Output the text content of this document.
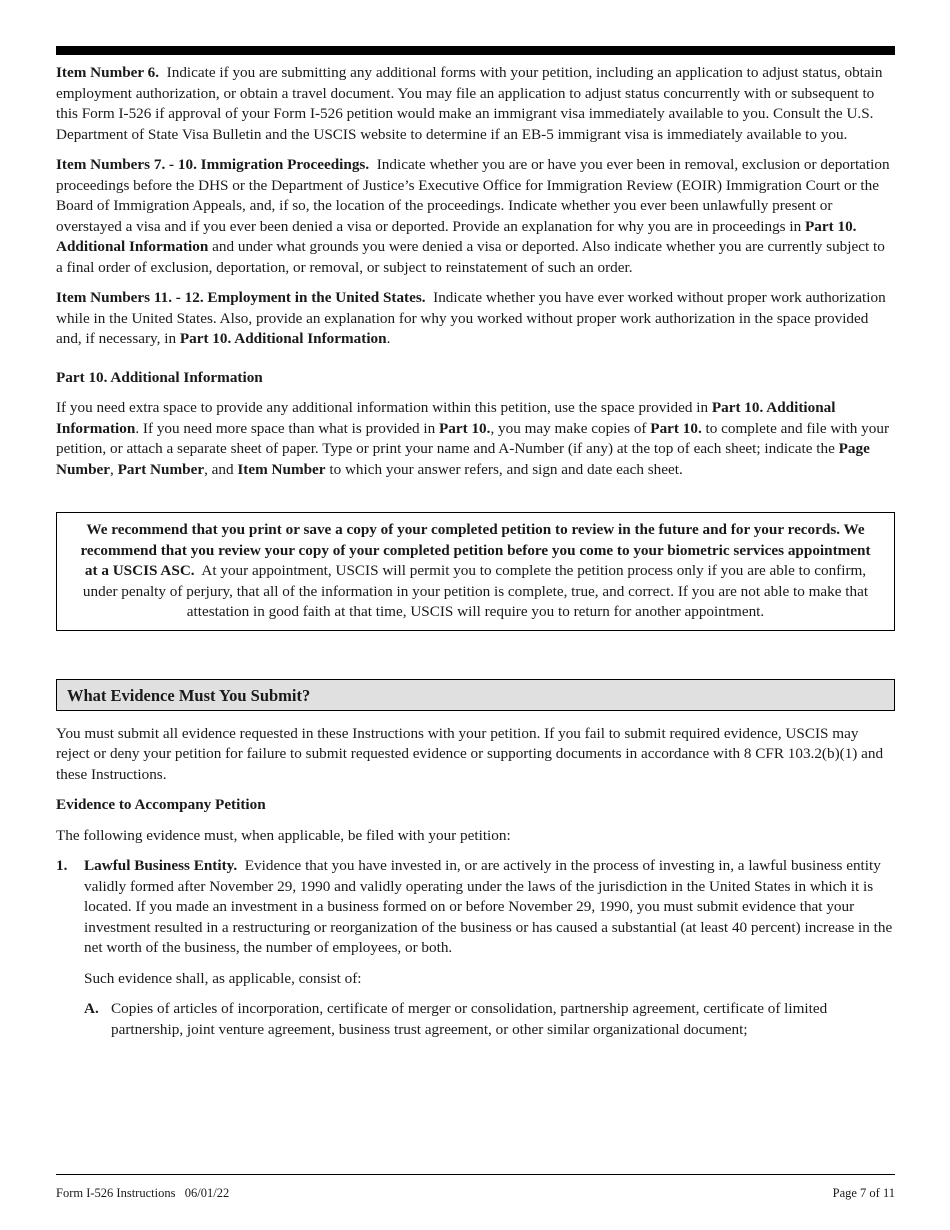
Item Number 6. Indicate if you are submitting any additional forms with your petition, including an application to adjust status, obtain employment authorization, or obtain a travel document. You may file an application to adjust status concurrently with or subsequent to this Form I-526 if approval of your Form I-526 petition would make an immigrant visa immediately available to you. Consult the U.S. Department of State Visa Bulletin and the USCIS website to determine if an EB-5 immigrant visa is immediately available to you.

Item Numbers 7. - 10. Immigration Proceedings. Indicate whether you are or have you ever been in removal, exclusion or deportation proceedings before the DHS or the Department of Justice’s Executive Office for Immigration Review (EOIR) Immigration Court or the Board of Immigration Appeals, and, if so, the location of the proceedings. Indicate whether you ever been unlawfully present or overstayed a visa and if you ever been denied a visa or deported. Provide an explanation for why you are in proceedings in Part 10. Additional Information and under what grounds you were denied a visa or deported. Also indicate whether you are currently subject to a final order of exclusion, deportation, or removal, or subject to reinstatement of such an order.

Item Numbers 11. - 12. Employment in the United States. Indicate whether you have ever worked without proper work authorization while in the United States. Also, provide an explanation for why you worked without proper work authorization in the space provided and, if necessary, in Part 10. Additional Information.

Part 10. Additional Information

If you need extra space to provide any additional information within this petition, use the space provided in Part 10. Additional Information. If you need more space than what is provided in Part 10., you may make copies of Part 10. to complete and file with your petition, or attach a separate sheet of paper. Type or print your name and A-Number (if any) at the top of each sheet; indicate the Page Number, Part Number, and Item Number to which your answer refers, and sign and date each sheet.

We recommend that you print or save a copy of your completed petition to review in the future and for your records. We recommend that you review your copy of your completed petition before you come to your biometric services appointment at a USCIS ASC. At your appointment, USCIS will permit you to complete the petition process only if you are able to confirm, under penalty of perjury, that all of the information in your petition is complete, true, and correct. If you are not able to make that attestation in good faith at that time, USCIS will require you to return for another appointment.
What Evidence Must You Submit?

You must submit all evidence requested in these Instructions with your petition. If you fail to submit required evidence, USCIS may reject or deny your petition for failure to submit requested evidence or supporting documents in accordance with 8 CFR 103.2(b)(1) and these Instructions.

Evidence to Accompany Petition

The following evidence must, when applicable, be filed with your petition:

1. Lawful Business Entity. Evidence that you have invested in, or are actively in the process of investing in, a lawful business entity validly formed after November 29, 1990 and validly operating under the laws of the jurisdiction in the United States in which it is located. If you made an investment in a business formed on or before November 29, 1990, you must submit evidence that your investment resulted in a restructuring or reorganization of the business or has caused a substantial (at least 40 percent) increase in the net worth of the business, the number of employees, or both.

Such evidence shall, as applicable, consist of:

A. Copies of articles of incorporation, certificate of merger or consolidation, partnership agreement, certificate of limited partnership, joint venture agreement, business trust agreement, or other similar organizational document;

Form I-526 Instructions   06/01/22	Page 7 of 11
